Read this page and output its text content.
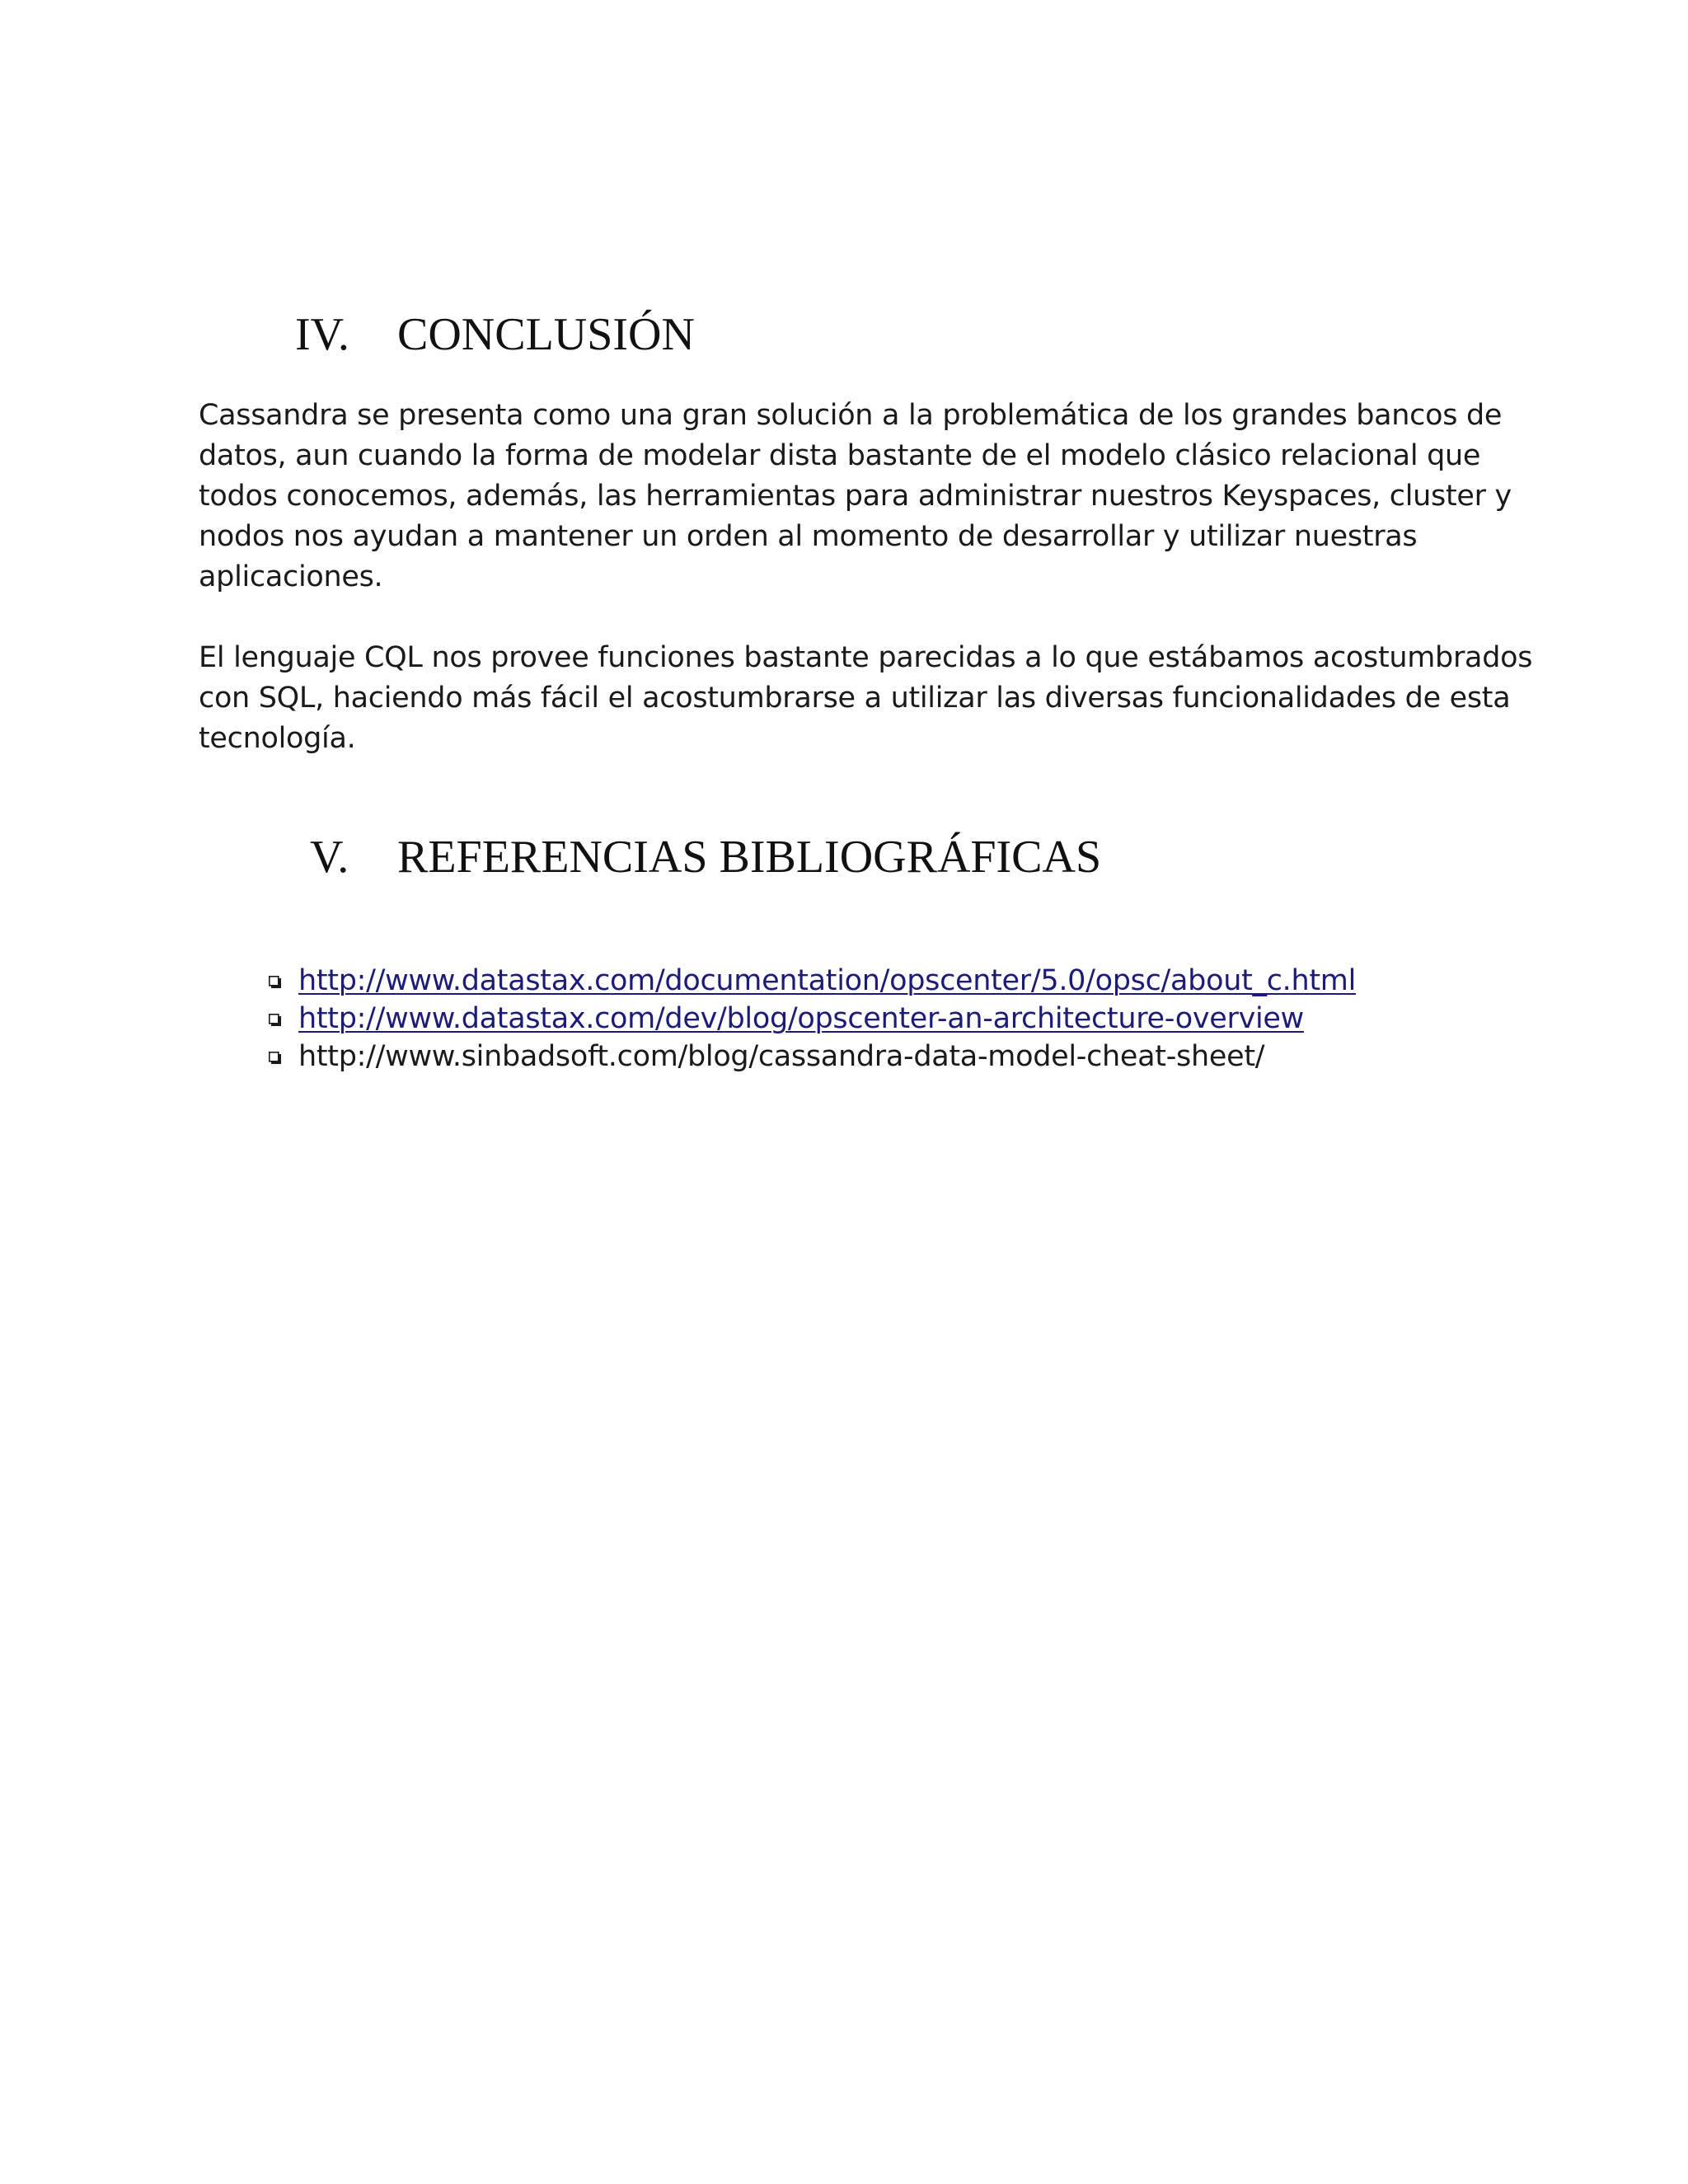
IV. CONCLUSIÓN

Cassandra se presenta como una gran solución a la problemática de los grandes bancos de
datos, aun cuando la forma de modelar dista bastante de el modelo clásico relacional que
todos conocemos, además, las herramientas para administrar nuestros Keyspaces, cluster y
nodos nos ayudan a mantener un orden al momento de desarrollar y utilizar nuestras
aplicaciones.

El lenguaje CQL nos provee funciones bastante parecidas a lo que estábamos acostumbrados
con SQL, haciendo más fácil el acostumbrarse a utilizar las diversas funcionalidades de esta
tecnología.

V. REFERENCIAS BIBLIOGRÁFICAS
http://www.datastax.com/documentation/opscenter/5.0/opsc/about_c.html
http://www.datastax.com/dev/blog/opscenter-an-architecture-overview
http://www.sinbadsoft.com/blog/cassandra-data-model-cheat-sheet/
